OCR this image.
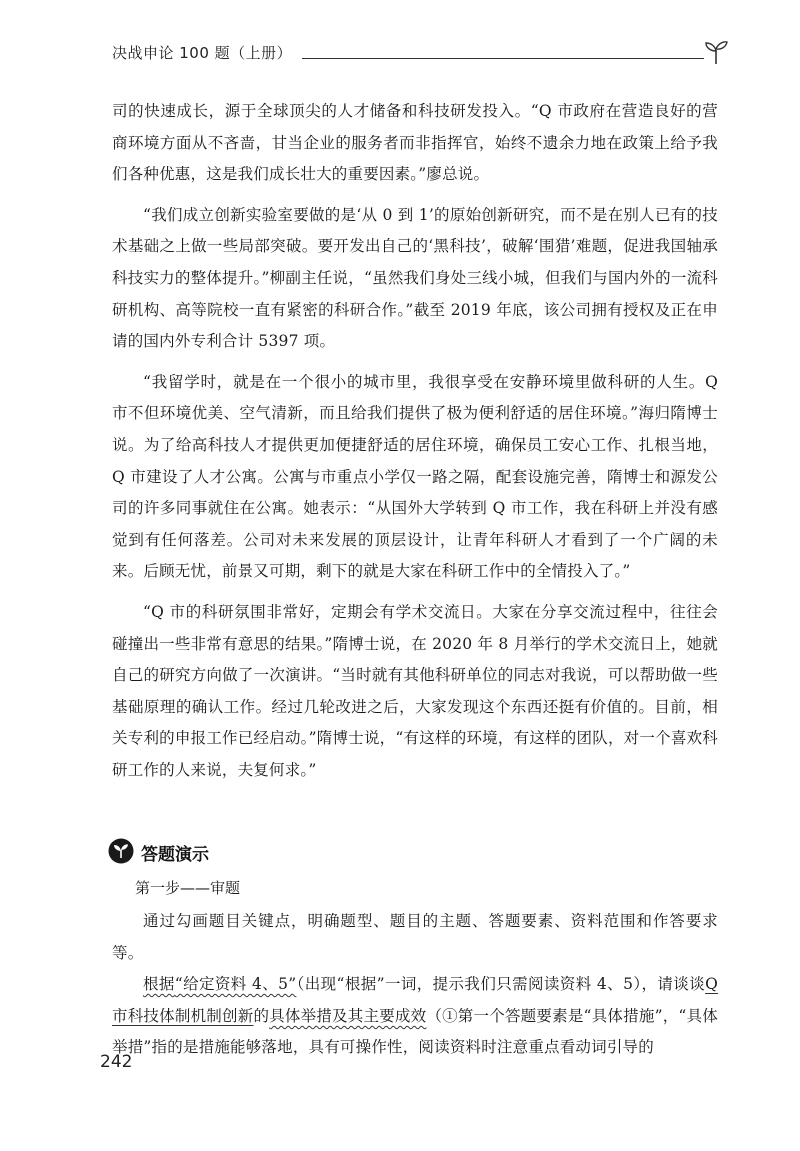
决战申论 100 题（上册）

司的快速成长，源于全球顶尖的人才储备和科技研发投入。“Q 市政府在营造良好的营商环境方面从不吝啬，甘当企业的服务者而非指挥官，始终不遗余力地在政策上给予我们各种优惠，这是我们成长壮大的重要因素。”廖总说。

“我们成立创新实验室要做的是‘从 0 到 1’的原始创新研究，而不是在别人已有的技术基础之上做一些局部突破。要开发出自己的‘黑科技’，破解‘围猎’难题，促进我国轴承科技实力的整体提升。”柳副主任说，“虽然我们身处三线小城，但我们与国内外的一流科研机构、高等院校一直有紧密的科研合作。”截至 2019 年底，该公司拥有授权及正在申请的国内外专利合计 5397 项。

“我留学时，就是在一个很小的城市里，我很享受在安静环境里做科研的人生。Q 市不但环境优美、空气清新，而且给我们提供了极为便利舒适的居住环境。”海归隋博士说。为了给高科技人才提供更加便捷舒适的居住环境，确保员工安心工作、扎根当地，Q 市建设了人才公寓。公寓与市重点小学仅一路之隔，配套设施完善，隋博士和源发公司的许多同事就住在公寓。她表示：“从国外大学转到 Q 市工作，我在科研上并没有感觉到有任何落差。公司对未来发展的顶层设计，让青年科研人才看到了一个广阔的未来。后顾无忧，前景又可期，剩下的就是大家在科研工作中的全情投入了。”

“Q 市的科研氛围非常好，定期会有学术交流日。大家在分享交流过程中，往往会碰撞出一些非常有意思的结果。”隋博士说，在 2020 年 8 月举行的学术交流日上，她就自己的研究方向做了一次演讲。“当时就有其他科研单位的同志对我说，可以帮助做一些基础原理的确认工作。经过几轮改进之后，大家发现这个东西还挺有价值的。目前，相关专利的申报工作已经启动。”隋博士说，“有这样的环境，有这样的团队，对一个喜欢科研工作的人来说，夫复何求。”

答题演示
第一步——审题

通过勾画题目关键点，明确题型、题目的主题、答题要素、资料范围和作答要求等。

根据“给定资料 4、5”（出现“根据”一词，提示我们只需阅读资料 4、5），请谈谈Q 市科技体制机制创新的具体举措及其主要成效（①第一个答题要素是“具体措施”，“具体举措”指的是措施能够落地，具有可操作性，阅读资料时注意重点看动词引导的

242
